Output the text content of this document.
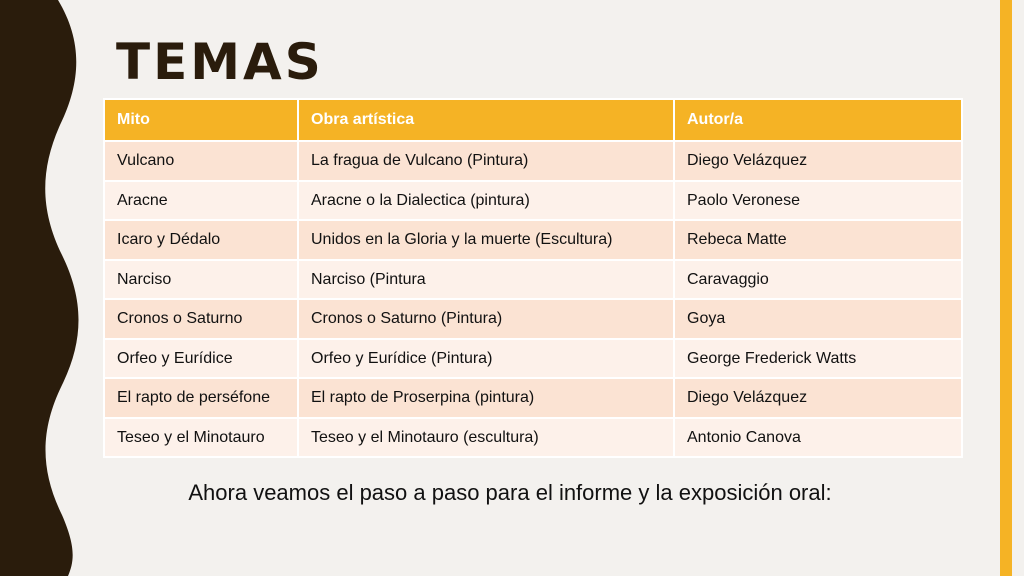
TEMAS
Mito	Obra artística	Autor/a
Vulcano	La fragua de Vulcano (Pintura)	Diego Velázquez
Aracne	Aracne o la Dialectica (pintura)	Paolo Veronese
Icaro y Dédalo	Unidos en la Gloria y la muerte (Escultura)	Rebeca Matte
Narciso	Narciso (Pintura	Caravaggio
Cronos o Saturno	Cronos o Saturno (Pintura)	Goya
Orfeo y Eurídice	Orfeo y Eurídice (Pintura)	George Frederick Watts
El rapto de perséfone	El rapto de Proserpina (pintura)	Diego Velázquez
Teseo y el Minotauro	Teseo y el Minotauro (escultura)	Antonio Canova

Ahora veamos el paso a paso para el informe y la exposición oral:
